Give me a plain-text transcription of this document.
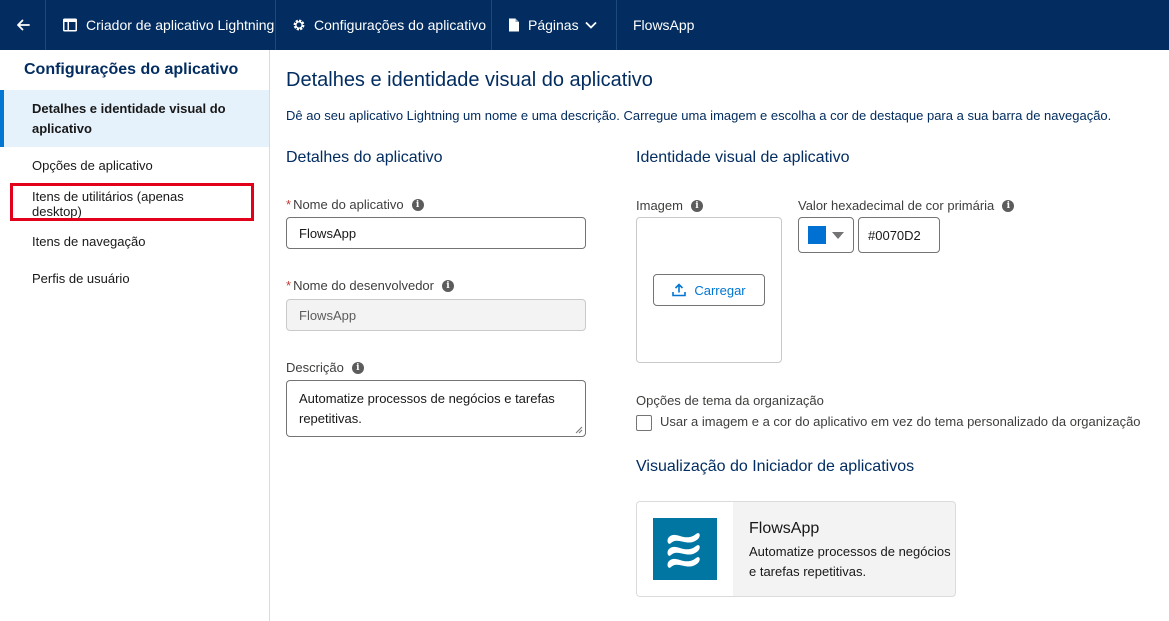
Criador de aplicativo Lightning	Configurações do aplicativo	Páginas	FlowsApp
Configurações do aplicativo
Detalhes e identidade visual do aplicativo
Opções de aplicativo
Itens de utilitários (apenas desktop)
Itens de navegação
Perfis de usuário
Detalhes e identidade visual do aplicativo
Dê ao seu aplicativo Lightning um nome e uma descrição. Carregue uma imagem e escolha a cor de destaque para a sua barra de navegação.
Detalhes do aplicativo
* Nome do aplicativo	i
FlowsApp
* Nome do desenvolvedor	i
FlowsApp
Descrição	i
Automatize processos de negócios e tarefas repetitivas.
Identidade visual de aplicativo
Imagem	i
Carregar
Valor hexadecimal de cor primária	i
#0070D2
Opções de tema da organização
Usar a imagem e a cor do aplicativo em vez do tema personalizado da organização
Visualização do Iniciador de aplicativos
FlowsApp
Automatize processos de negócios e tarefas repetitivas.
